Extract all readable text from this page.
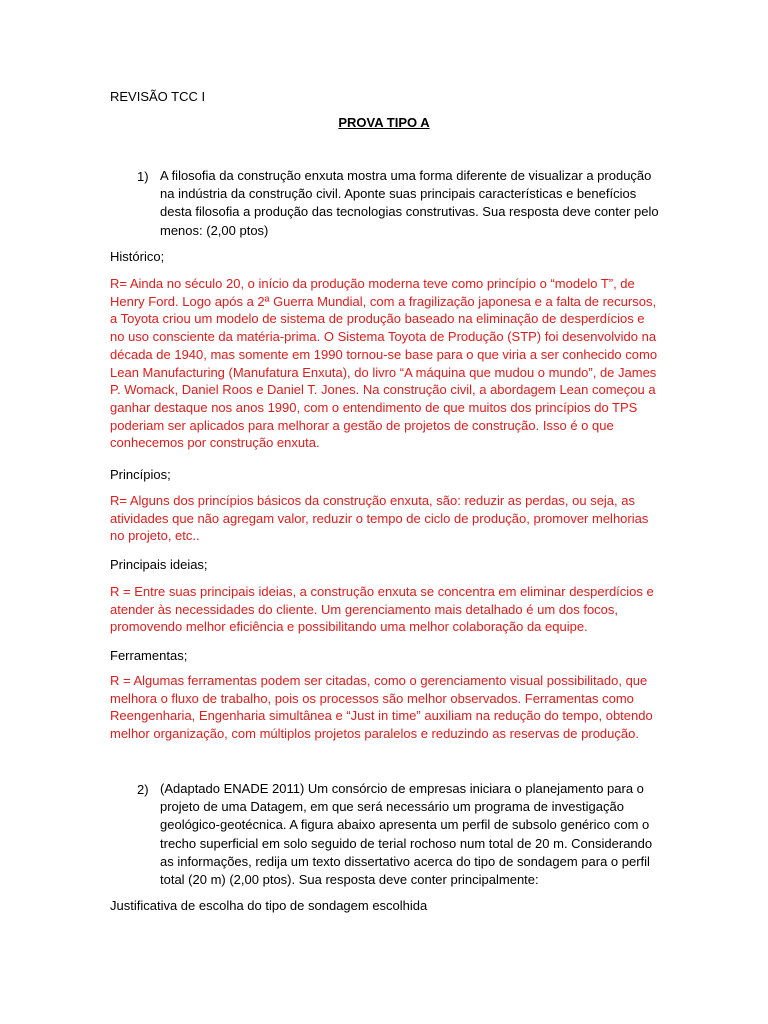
REVISÃO TCC I
PROVA TIPO A
1) A filosofia da construção enxuta mostra uma forma diferente de visualizar a produção na indústria da construção civil. Aponte suas principais características e benefícios desta filosofia a produção das tecnologias construtivas. Sua resposta deve conter pelo menos: (2,00 ptos)
Histórico;
R= Ainda no século 20, o início da produção moderna teve como princípio o “modelo T”, de Henry Ford. Logo após a 2ª Guerra Mundial, com a fragilização japonesa e a falta de recursos, a Toyota criou um modelo de sistema de produção baseado na eliminação de desperdícios e no uso consciente da matéria-prima. O Sistema Toyota de Produção (STP) foi desenvolvido na década de 1940, mas somente em 1990 tornou-se base para o que viria a ser conhecido como Lean Manufacturing (Manufatura Enxuta), do livro “A máquina que mudou o mundo”, de James P. Womack, Daniel Roos e Daniel T. Jones. Na construção civil, a abordagem Lean começou a ganhar destaque nos anos 1990, com o entendimento de que muitos dos princípios do TPS poderiam ser aplicados para melhorar a gestão de projetos de construção. Isso é o que conhecemos por construção enxuta.
Princípios;
R= Alguns dos princípios básicos da construção enxuta, são: reduzir as perdas, ou seja, as atividades que não agregam valor, reduzir o tempo de ciclo de produção, promover melhorias no projeto, etc..
Principais ideias;
R = Entre suas principais ideias, a construção enxuta se concentra em eliminar desperdícios e atender às necessidades do cliente. Um gerenciamento mais detalhado é um dos focos, promovendo melhor eficiência e possibilitando uma melhor colaboração da equipe.
Ferramentas;
R = Algumas ferramentas podem ser citadas, como o gerenciamento visual possibilitado, que melhora o fluxo de trabalho, pois os processos são melhor observados. Ferramentas como Reengenharia, Engenharia simultânea e “Just in time” auxiliam na redução do tempo, obtendo melhor organização, com múltiplos projetos paralelos e reduzindo as reservas de produção.
2) (Adaptado ENADE 2011) Um consórcio de empresas iniciara o planejamento para o projeto de uma Datagem, em que será necessário um programa de investigação geológico-geotécnica. A figura abaixo apresenta um perfil de subsolo genérico com o trecho superficial em solo seguido de terial rochoso num total de 20 m. Considerando as informações, redija um texto dissertativo acerca do tipo de sondagem para o perfil total (20 m) (2,00 ptos). Sua resposta deve conter principalmente:
Justificativa de escolha do tipo de sondagem escolhida
